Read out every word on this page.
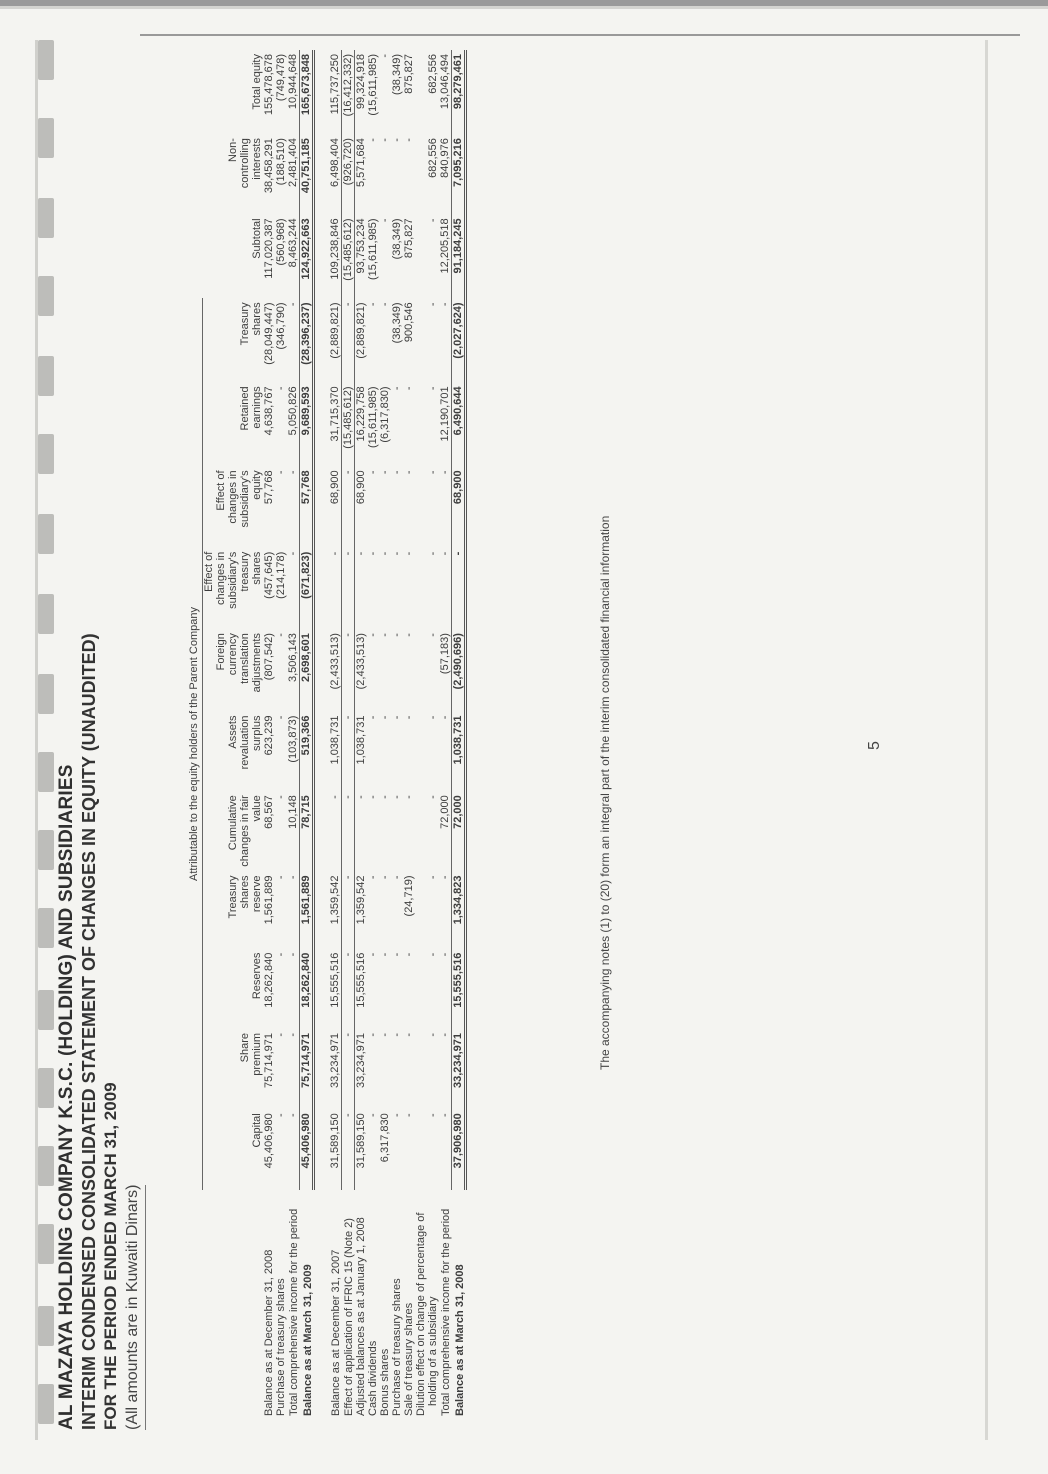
AL MAZAYA HOLDING COMPANY K.S.C. (HOLDING) AND SUBSIDIARIES INTERIM CONDENSED CONSOLIDATED STATEMENT OF CHANGES IN EQUITY (UNAUDITED) FOR THE PERIOD ENDED MARCH 31, 2009 (All amounts are in Kuwaiti Dinars)
	Attributable to the equity holders of the Parent Company													
	Capital	Share premium	Reserves	Treasury shares reserve	Cumulative changes in fair value	Assets revaluation surplus	Foreign currency translation adjustments	Effect of changes in subsidiary's treasury shares	Effect of changes in subsidiary's equity	Retained earnings	Treasury shares	Subtotal	Non-controlling interests	Total equity
Balance as at December 31, 2008	45,406,980	75,714,971	18,262,840	1,561,889	68,567	623,239	(807,542)	(457,645)	57,768	4,638,767	(28,049,447)	117,020,387	38,458,291	155,478,678
Purchase of treasury shares	-	-	-	-	-	-	-	(214,178)	-	-	(346,790)	(560,968)	(188,510)	(749,478)
Total comprehensive income for the period	-	-	-	-	10,148	(103,873)	3,506,143	-	-	5,050,826	-	8,463,244	2,481,404	10,944,648
Balance as at March 31, 2009	45,406,980	75,714,971	18,262,840	1,561,889	78,715	519,366	2,698,601	(671,823)	57,768	9,689,593	(28,396,237)	124,922,663	40,751,185	165,673,848

Balance as at December 31, 2007	31,589,150	33,234,971	15,555,516	1,359,542	-	1,038,731	(2,433,513)	-	68,900	31,715,370	(2,889,821)	109,238,846	6,498,404	115,737,250
Effect of application of IFRIC 15 (Note 2)	-	-	-	-	-	-	-	-	-	(15,485,612)	-	(15,485,612)	(926,720)	(16,412,332)
Adjusted balances as at January 1, 2008	31,589,150	33,234,971	15,555,516	1,359,542	-	1,038,731	(2,433,513)	-	68,900	16,229,758	(2,889,821)	93,753,234	5,571,684	99,324,918
Cash dividends	-	-	-	-	-	-	-	-	-	(15,611,985)	-	(15,611,985)	-	(15,611,985)
Bonus shares	6,317,830	-	-	-	-	-	-	-	-	(6,317,830)	-	-	-	-
Purchase of treasury shares	-	-	-	-	-	-	-	-	-	-	(38,349)	(38,349)	-	(38,349)
Sale of treasury shares	-	-	-	(24,719)	-	-	-	-	-	-	900,546	875,827	-	875,827
Dilution effect on change of percentage of														
holding of a subsidiary	-	-	-	-	-	-	-	-	-	-	-	-	682,556	682,556
Total comprehensive income for the period	-	-	-	-	72,000	-	(57,183)	-	-	12,190,701	-	12,205,518	840,976	13,046,494
Balance as at March 31, 2008	37,906,980	33,234,971	15,555,516	1,334,823	72,000	1,038,731	(2,490,696)	-	68,900	6,490,644	(2,027,624)	91,184,245	7,095,216	98,279,461
The accompanying notes (1) to (20) form an integral part of the interim consolidated financial information	5
